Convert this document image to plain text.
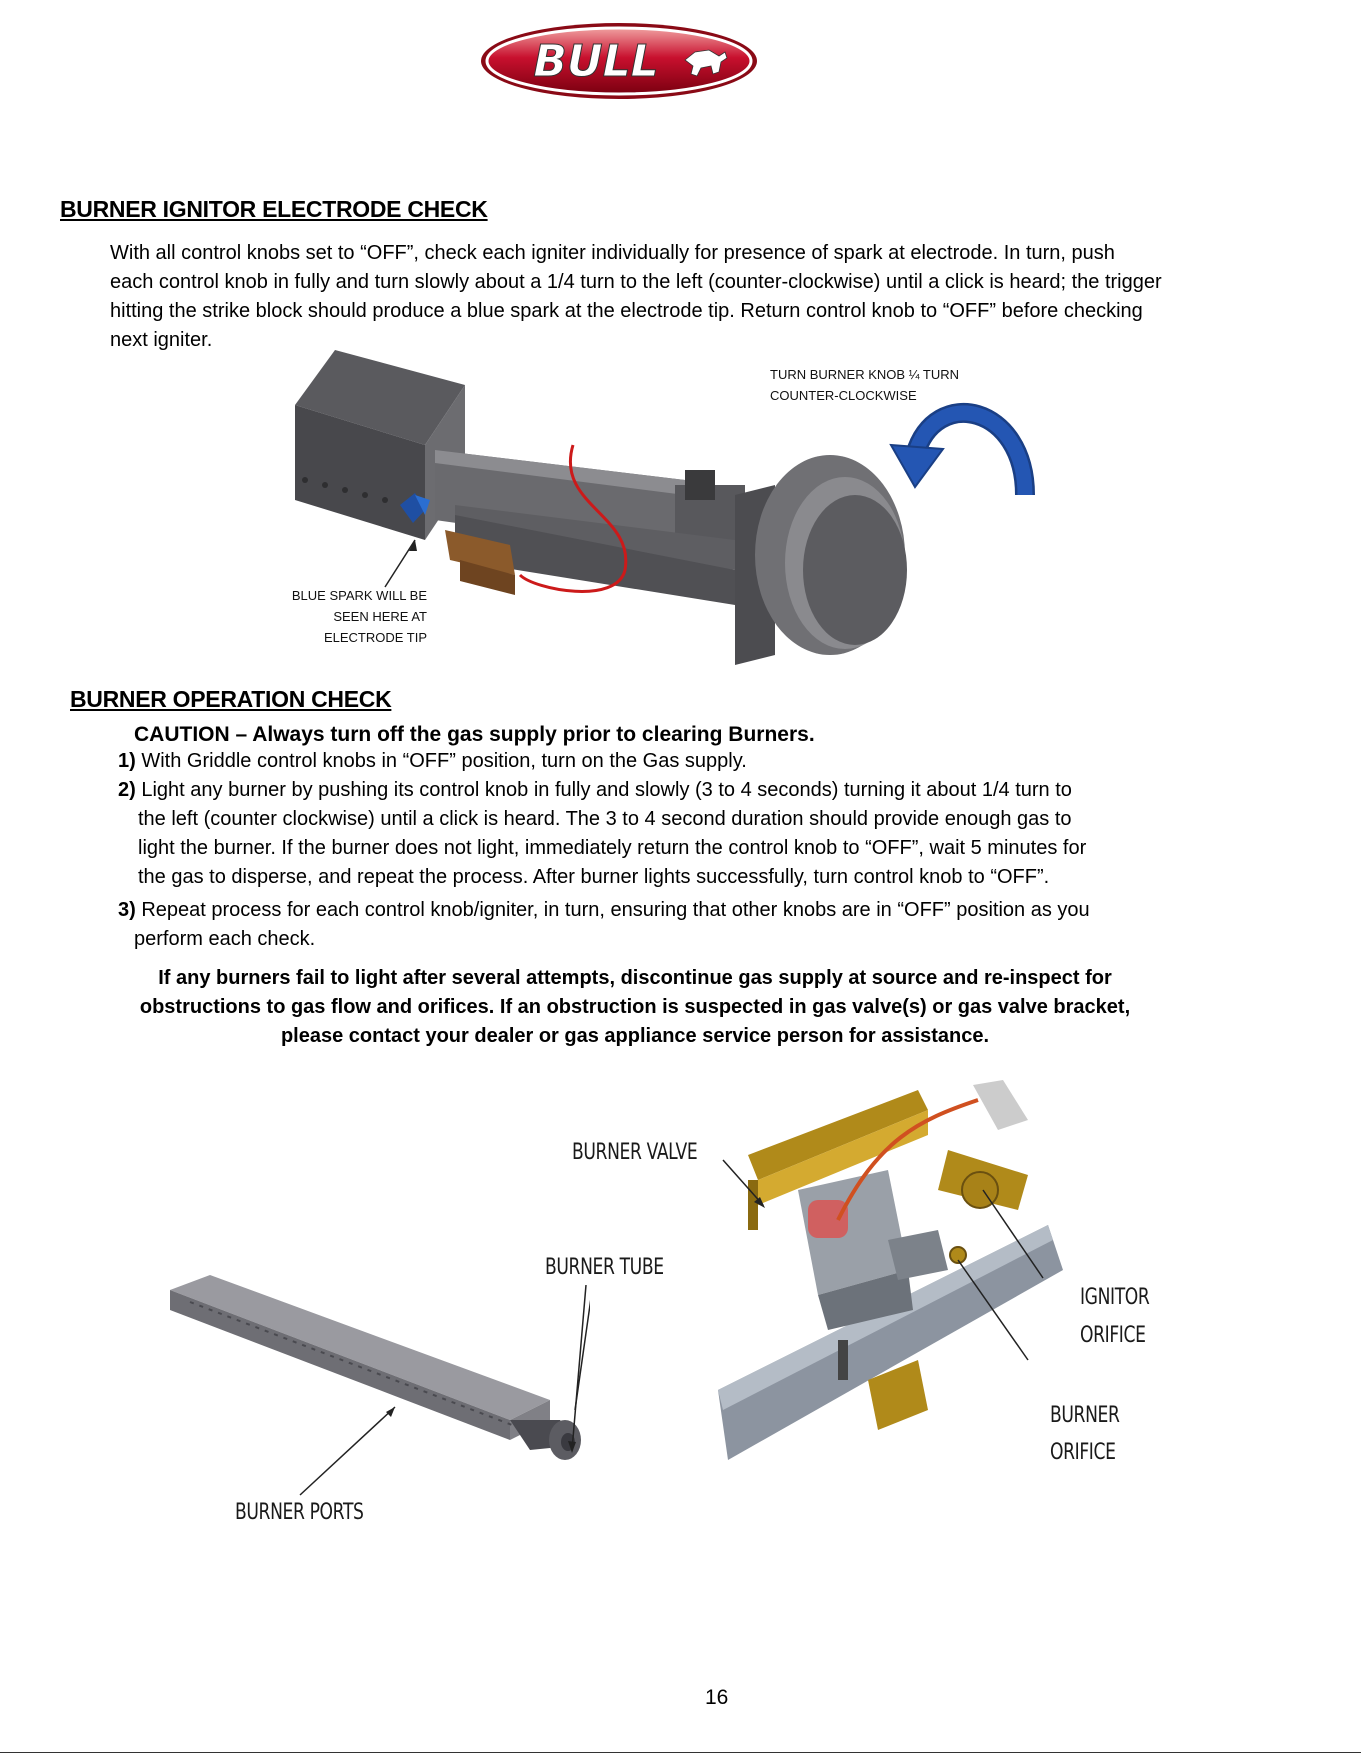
BULL
BURNER IGNITOR ELECTRODE CHECK
With all control knobs set to “OFF”, check each igniter individually for presence of spark at electrode. In turn, push
each control knob in fully and turn slowly about a 1/4 turn to the left (counter-clockwise) until a click is heard; the trigger
hitting the strike block should produce a blue spark at the electrode tip. Return control knob to “OFF” before checking
next igniter.
TURN BURNER KNOB ¼ TURN
COUNTER-CLOCKWISE
BLUE SPARK WILL BE
SEEN HERE AT
ELECTRODE TIP
BURNER OPERATION CHECK
CAUTION – Always turn off the gas supply prior to clearing Burners.
1) With Griddle control knobs in “OFF” position, turn on the Gas supply.
2) Light any burner by pushing its control knob in fully and slowly (3 to 4 seconds) turning it about 1/4 turn to
the left (counter clockwise) until a click is heard. The 3 to 4 second duration should provide enough gas to
light the burner. If the burner does not light, immediately return the control knob to “OFF”, wait 5 minutes for
the gas to disperse, and repeat the process. After burner lights successfully, turn control knob to “OFF”.
3) Repeat process for each control knob/igniter, in turn, ensuring that other knobs are in “OFF” position as you
perform each check.
If any burners fail to light after several attempts, discontinue gas supply at source and re-inspect for
obstructions to gas flow and orifices. If an obstruction is suspected in gas valve(s) or gas valve bracket,
please contact your dealer or gas appliance service person for assistance.
BURNER PORTS
BURNER TUBE
BURNER VALVE
IGNITOR
ORIFICE
BURNER
ORIFICE
16
